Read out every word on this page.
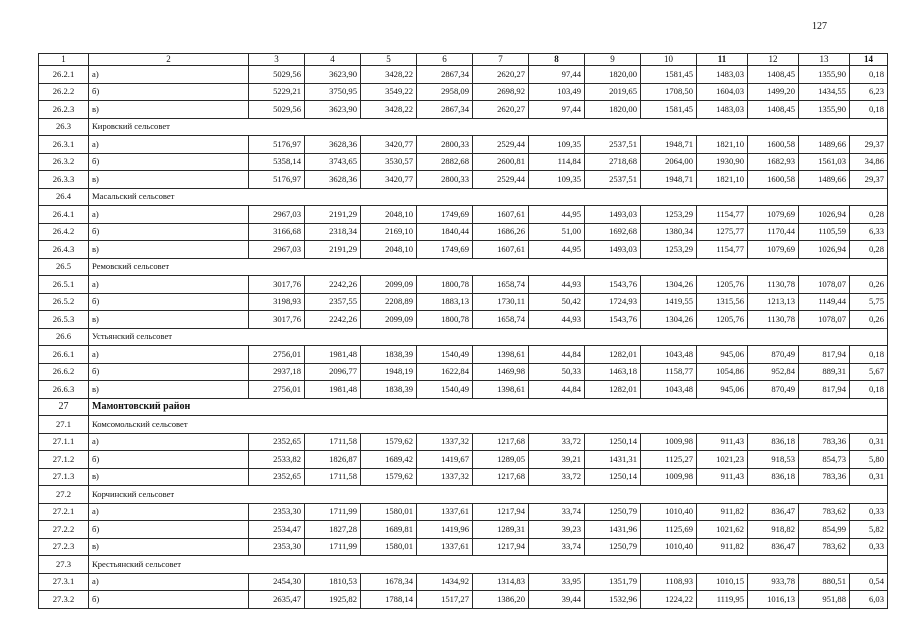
127
1	2	3	4	5	6	7	8	9	10	11	12	13	14
26.2.1	а)	5029,56	3623,90	3428,22	2867,34	2620,27	97,44	1820,00	1581,45	1483,03	1408,45	1355,90	0,18
26.2.2	б)	5229,21	3750,95	3549,22	2958,09	2698,92	103,49	2019,65	1708,50	1604,03	1499,20	1434,55	6,23
26.2.3	в)	5029,56	3623,90	3428,22	2867,34	2620,27	97,44	1820,00	1581,45	1483,03	1408,45	1355,90	0,18
26.3	Кировский сельсовет												
26.3.1	а)	5176,97	3628,36	3420,77	2800,33	2529,44	109,35	2537,51	1948,71	1821,10	1600,58	1489,66	29,37
26.3.2	б)	5358,14	3743,65	3530,57	2882,68	2600,81	114,84	2718,68	2064,00	1930,90	1682,93	1561,03	34,86
26.3.3	в)	5176,97	3628,36	3420,77	2800,33	2529,44	109,35	2537,51	1948,71	1821,10	1600,58	1489,66	29,37
26.4	Масальский сельсовет												
26.4.1	а)	2967,03	2191,29	2048,10	1749,69	1607,61	44,95	1493,03	1253,29	1154,77	1079,69	1026,94	0,28
26.4.2	б)	3166,68	2318,34	2169,10	1840,44	1686,26	51,00	1692,68	1380,34	1275,77	1170,44	1105,59	6,33
26.4.3	в)	2967,03	2191,29	2048,10	1749,69	1607,61	44,95	1493,03	1253,29	1154,77	1079,69	1026,94	0,28
26.5	Ремовский сельсовет												
26.5.1	а)	3017,76	2242,26	2099,09	1800,78	1658,74	44,93	1543,76	1304,26	1205,76	1130,78	1078,07	0,26
26.5.2	б)	3198,93	2357,55	2208,89	1883,13	1730,11	50,42	1724,93	1419,55	1315,56	1213,13	1149,44	5,75
26.5.3	в)	3017,76	2242,26	2099,09	1800,78	1658,74	44,93	1543,76	1304,26	1205,76	1130,78	1078,07	0,26
26.6	Устьянский сельсовет												
26.6.1	а)	2756,01	1981,48	1838,39	1540,49	1398,61	44,84	1282,01	1043,48	945,06	870,49	817,94	0,18
26.6.2	б)	2937,18	2096,77	1948,19	1622,84	1469,98	50,33	1463,18	1158,77	1054,86	952,84	889,31	5,67
26.6.3	в)	2756,01	1981,48	1838,39	1540,49	1398,61	44,84	1282,01	1043,48	945,06	870,49	817,94	0,18
27	Мамонтовский район												
27.1	Комсомольский сельсовет												
27.1.1	а)	2352,65	1711,58	1579,62	1337,32	1217,68	33,72	1250,14	1009,98	911,43	836,18	783,36	0,31
27.1.2	б)	2533,82	1826,87	1689,42	1419,67	1289,05	39,21	1431,31	1125,27	1021,23	918,53	854,73	5,80
27.1.3	в)	2352,65	1711,58	1579,62	1337,32	1217,68	33,72	1250,14	1009,98	911,43	836,18	783,36	0,31
27.2	Корчинский сельсовет												
27.2.1	а)	2353,30	1711,99	1580,01	1337,61	1217,94	33,74	1250,79	1010,40	911,82	836,47	783,62	0,33
27.2.2	б)	2534,47	1827,28	1689,81	1419,96	1289,31	39,23	1431,96	1125,69	1021,62	918,82	854,99	5,82
27.2.3	в)	2353,30	1711,99	1580,01	1337,61	1217,94	33,74	1250,79	1010,40	911,82	836,47	783,62	0,33
27.3	Крестьянский сельсовет												
27.3.1	а)	2454,30	1810,53	1678,34	1434,92	1314,83	33,95	1351,79	1108,93	1010,15	933,78	880,51	0,54
27.3.2	б)	2635,47	1925,82	1788,14	1517,27	1386,20	39,44	1532,96	1224,22	1119,95	1016,13	951,88	6,03
